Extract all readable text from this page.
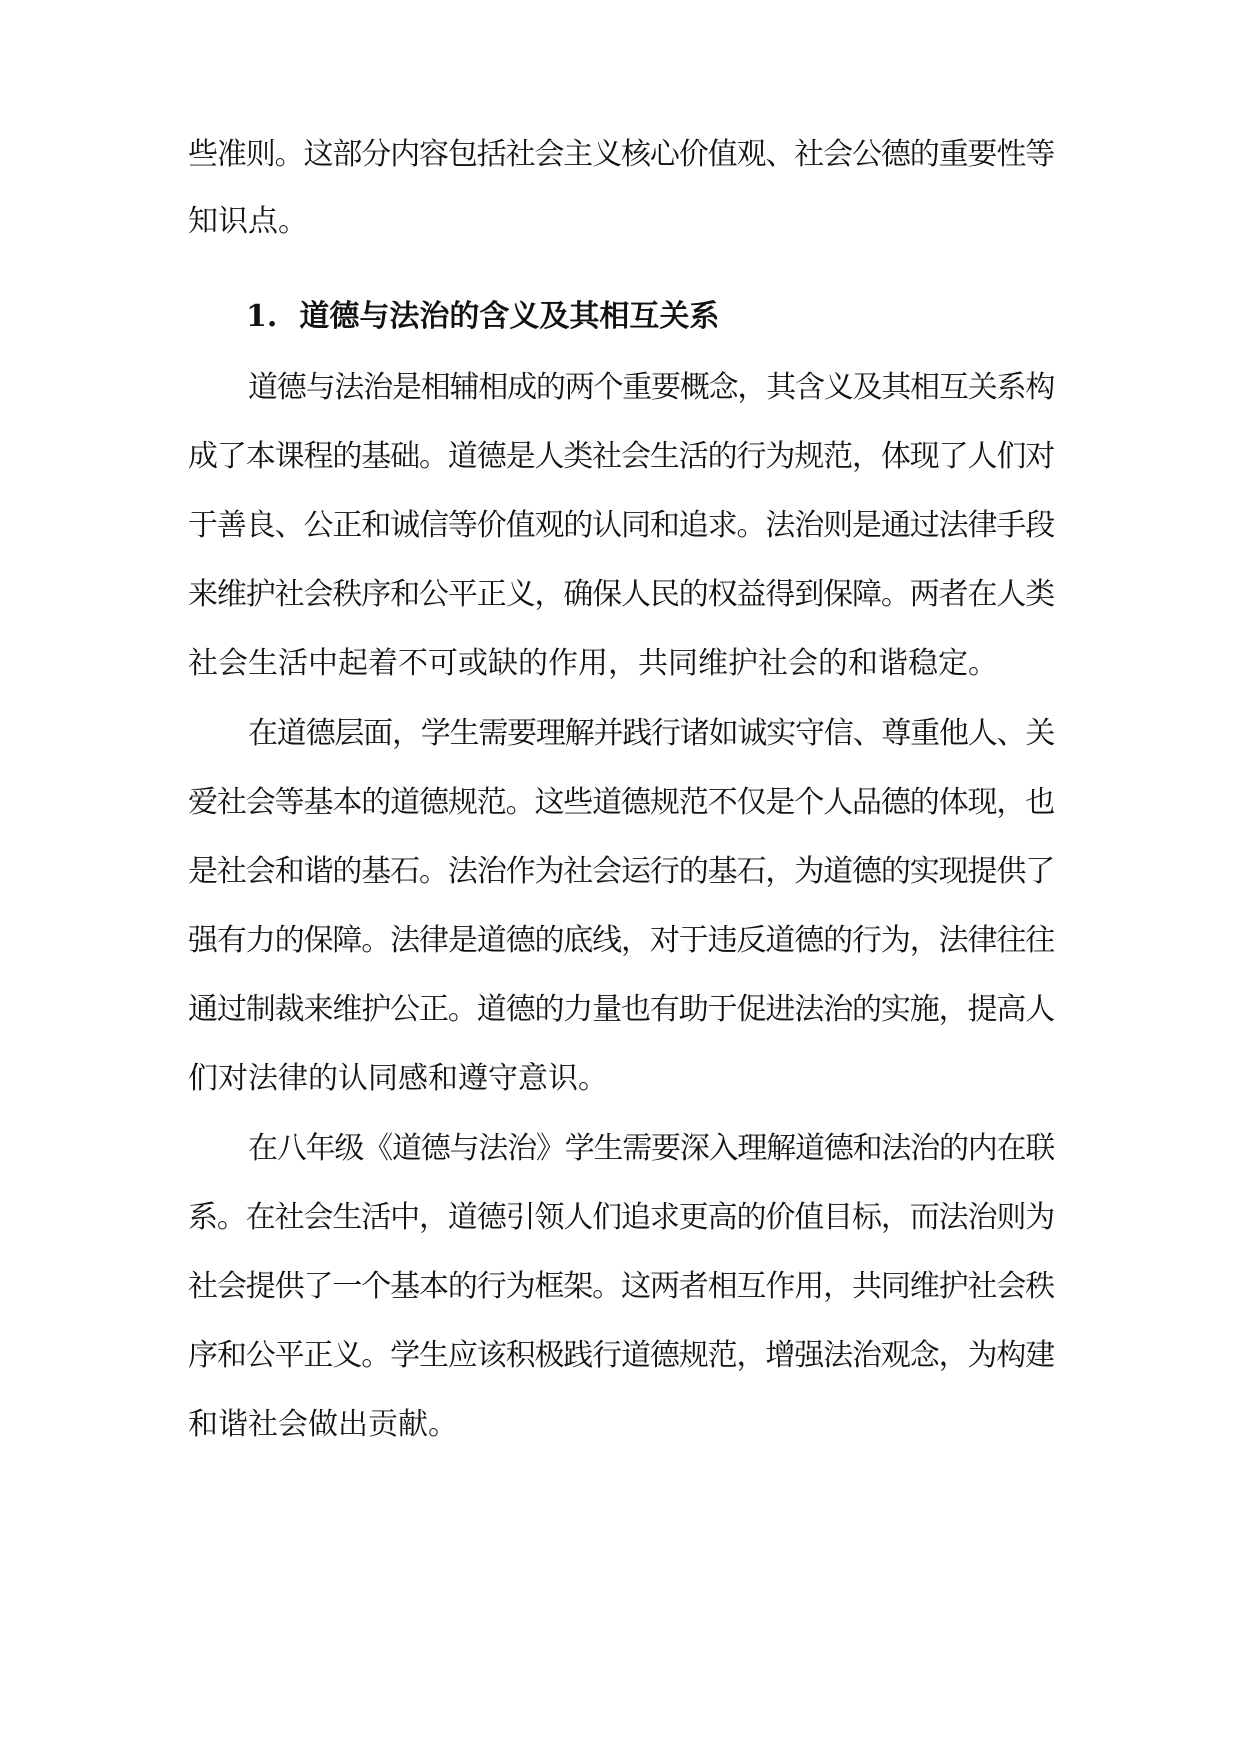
些准则。这部分内容包括社会主义核心价值观、社会公德的重要性等
知识点。
1. 道德与法治的含义及其相互关系
道德与法治是相辅相成的两个重要概念，其含义及其相互关系构
成了本课程的基础。道德是人类社会生活的行为规范，体现了人们对
于善良、公正和诚信等价值观的认同和追求。法治则是通过法律手段
来维护社会秩序和公平正义，确保人民的权益得到保障。两者在人类
社会生活中起着不可或缺的作用，共同维护社会的和谐稳定。
在道德层面，学生需要理解并践行诸如诚实守信、尊重他人、关
爱社会等基本的道德规范。这些道德规范不仅是个人品德的体现，也
是社会和谐的基石。法治作为社会运行的基石，为道德的实现提供了
强有力的保障。法律是道德的底线，对于违反道德的行为，法律往往
通过制裁来维护公正。道德的力量也有助于促进法治的实施，提高人
们对法律的认同感和遵守意识。
在八年级《道德与法治》学生需要深入理解道德和法治的内在联
系。在社会生活中，道德引领人们追求更高的价值目标，而法治则为
社会提供了一个基本的行为框架。这两者相互作用，共同维护社会秩
序和公平正义。学生应该积极践行道德规范，增强法治观念，为构建
和谐社会做出贡献。
